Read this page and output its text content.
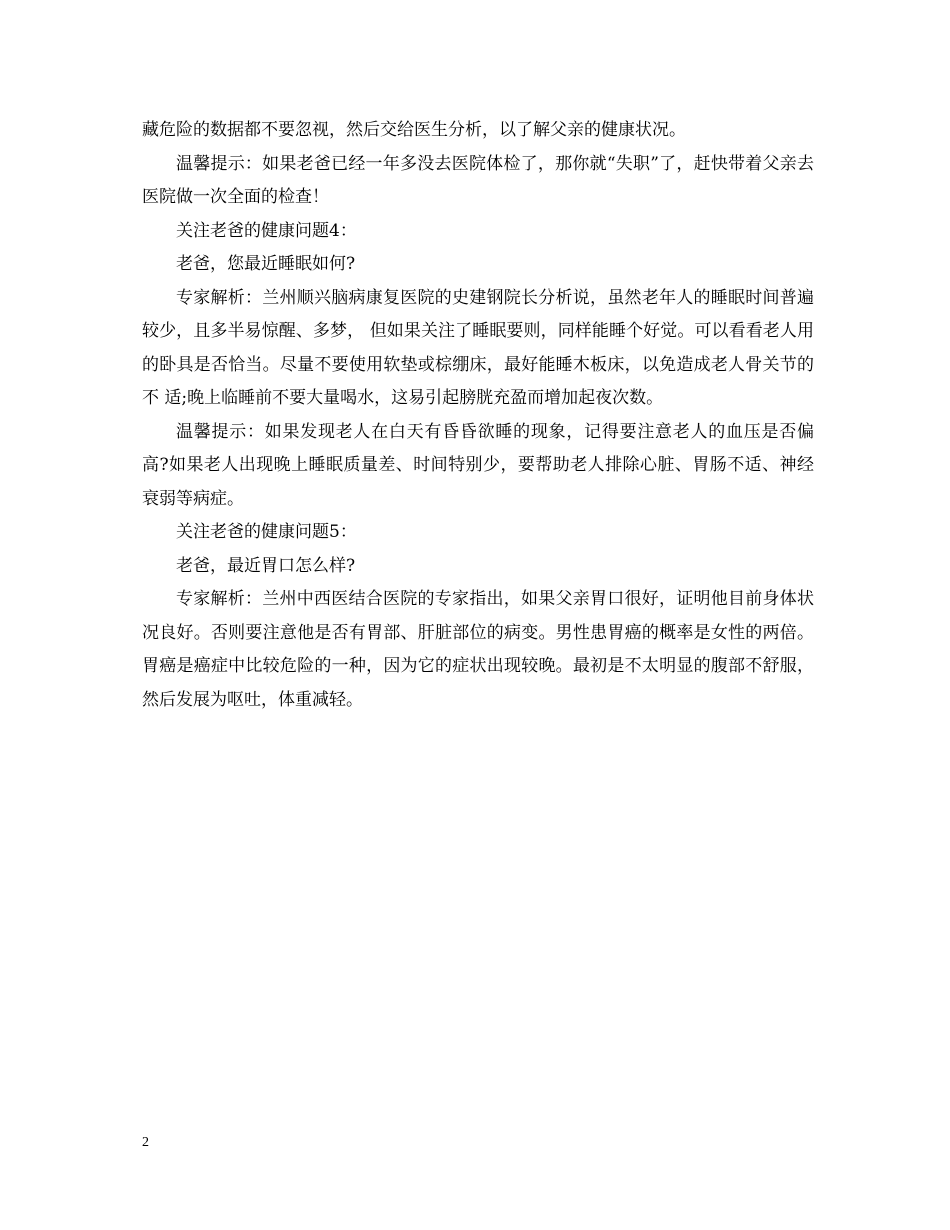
藏危险的数据都不要忽视，然后交给医生分析，以了解父亲的健康状况。

温馨提示：如果老爸已经一年多没去医院体检了，那你就“失职”了，赶快带着父亲去医院做一次全面的检查！

关注老爸的健康问题4：

老爸，您最近睡眠如何?

专家解析：兰州顺兴脑病康复医院的史建钢院长分析说，虽然老年人的睡眠时间普遍较少，且多半易惊醒、多梦， 但如果关注了睡眠要则，同样能睡个好觉。可以看看老人用的卧具是否恰当。尽量不要使用软垫或棕绷床，最好能睡木板床，以免造成老人骨关节的不 适;晚上临睡前不要大量喝水，这易引起膀胱充盈而增加起夜次数。

温馨提示：如果发现老人在白天有昏昏欲睡的现象，记得要注意老人的血压是否偏高?如果老人出现晚上睡眠质量差、时间特别少，要帮助老人排除心脏、胃肠不适、神经衰弱等病症。

关注老爸的健康问题5：

老爸，最近胃口怎么样?

专家解析：兰州中西医结合医院的专家指出，如果父亲胃口很好，证明他目前身体状况良好。否则要注意他是否有胃部、肝脏部位的病变。男性患胃癌的概率是女性的两倍。胃癌是癌症中比较危险的一种，因为它的症状出现较晚。最初是不太明显的腹部不舒服，然后发展为呕吐，体重减轻。

2
